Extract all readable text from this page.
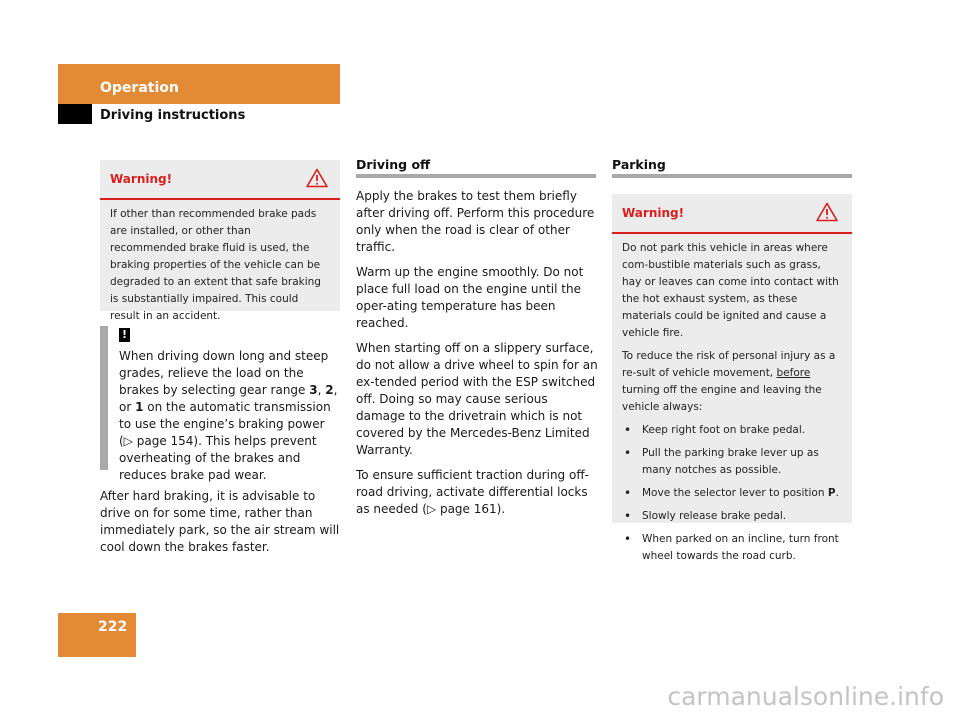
Operation
Driving instructions
Warning!
If other than recommended brake pads are installed, or other than recommended brake fluid is used, the braking properties of the vehicle can be degraded to an extent that safe braking is substantially impaired. This could result in an accident.
!
When driving down long and steep grades, relieve the load on the brakes by selecting gear range 3, 2, or 1 on the automatic transmission to use the engine’s braking power (▷ page 154). This helps prevent overheating of the brakes and reduces brake pad wear.
After hard braking, it is advisable to drive on for some time, rather than immediately park, so the air stream will cool down the brakes faster.
Driving off

Apply the brakes to test them briefly after driving off. Perform this procedure only when the road is clear of other traffic.

Warm up the engine smoothly. Do not place full load on the engine until the oper-ating temperature has been reached.

When starting off on a slippery surface, do not allow a drive wheel to spin for an ex-tended period with the ESP switched off. Doing so may cause serious damage to the drivetrain which is not covered by the Mercedes-Benz Limited Warranty.

To ensure sufficient traction during off-road driving, activate differential locks as needed (▷ page 161).

Parking
Warning!

Do not park this vehicle in areas where com-bustible materials such as grass, hay or leaves can come into contact with the hot exhaust system, as these materials could be ignited and cause a vehicle fire.

To reduce the risk of personal injury as a re-sult of vehicle movement, before turning off the engine and leaving the vehicle always:

• Keep right foot on brake pedal.
• Pull the parking brake lever up as many notches as possible.
• Move the selector lever to position P.
• Slowly release brake pedal.
• When parked on an incline, turn front wheel towards the road curb.
222
carmanualsonline.info
